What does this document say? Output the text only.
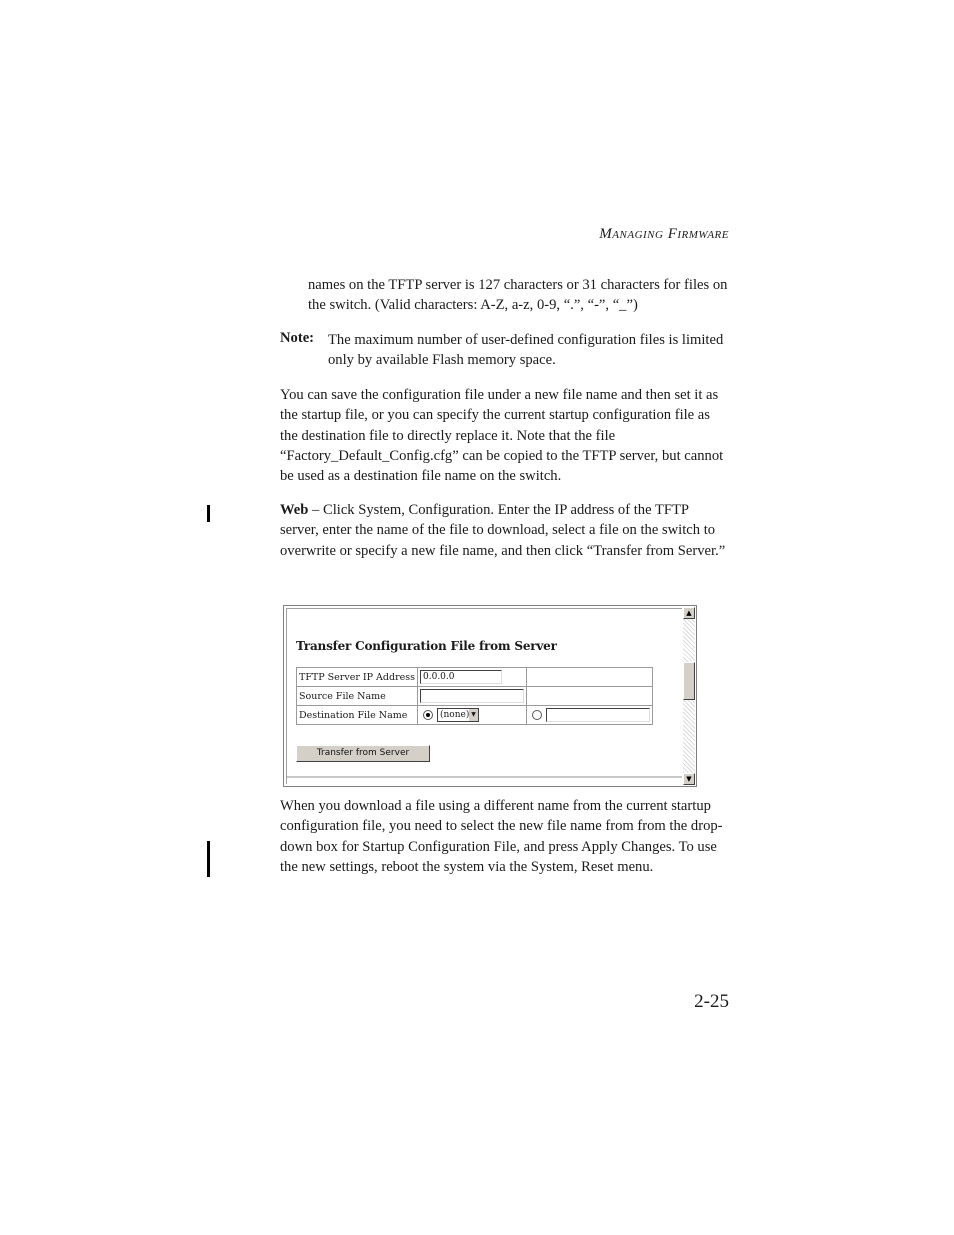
MANAGING FIRMWARE
names on the TFTP server is 127 characters or 31 characters for files on the switch. (Valid characters: A-Z, a-z, 0-9, “.”, “-”, “_”)
Note: The maximum number of user-defined configuration files is limited only by available Flash memory space.
You can save the configuration file under a new file name and then set it as the startup file, or you can specify the current startup configuration file as the destination file to directly replace it. Note that the file “Factory_Default_Config.cfg” can be copied to the TFTP server, but cannot be used as a destination file name on the switch.
Web – Click System, Configuration. Enter the IP address of the TFTP server, enter the name of the file to download, select a file on the switch to overwrite or specify a new file name, and then click “Transfer from Server.”
Transfer Configuration File from Server
TFTP Server IP Address	0.0.0.0	
Source File Name		
Destination File Name	(none) ▼	

Transfer from Server
▲
▼
When you download a file using a different name from the current startup configuration file, you need to select the new file name from from the drop-down box for Startup Configuration File, and press Apply Changes. To use the new settings, reboot the system via the System, Reset menu.
2-25
